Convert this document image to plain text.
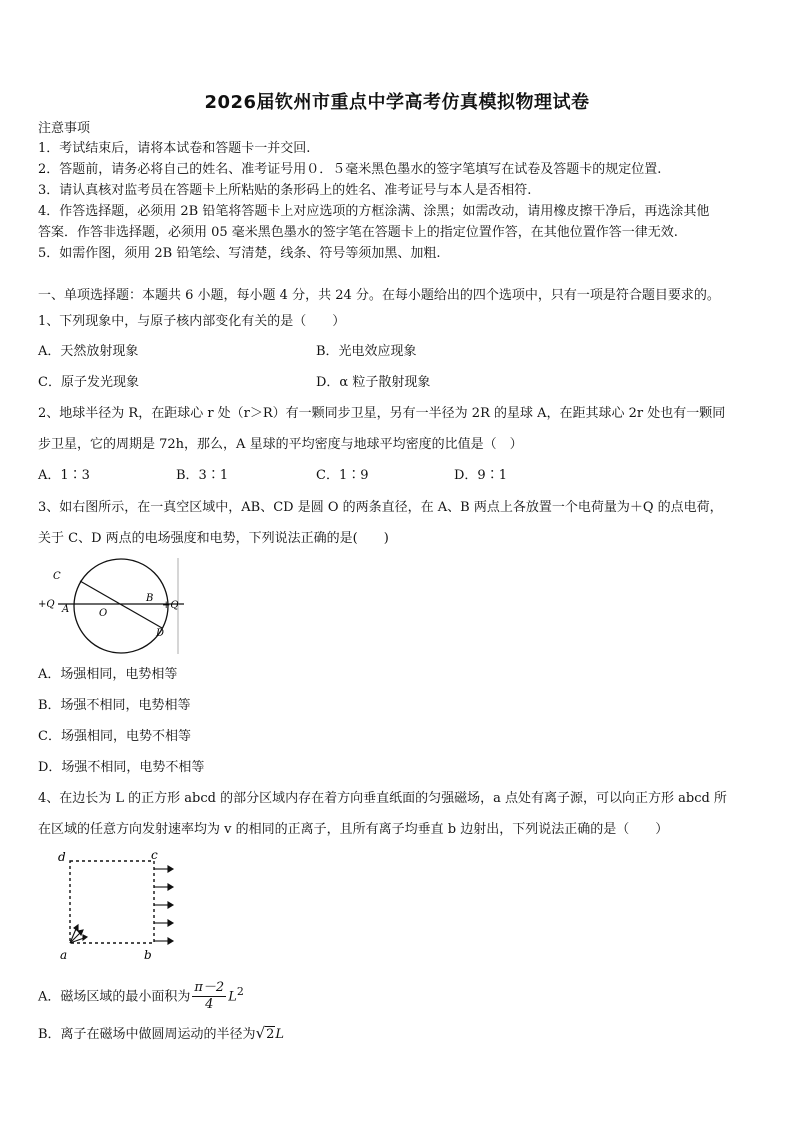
2026届钦州市重点中学高考仿真模拟物理试卷
注意事项
1．考试结束后，请将本试卷和答题卡一并交回.
2．答题前，请务必将自己的姓名、准考证号用０．５毫米黑色墨水的签字笔填写在试卷及答题卡的规定位置.
3．请认真核对监考员在答题卡上所粘贴的条形码上的姓名、准考证号与本人是否相符.
4．作答选择题，必须用 2B 铅笔将答题卡上对应选项的方框涂满、涂黑；如需改动，请用橡皮擦干净后，再选涂其他
答案．作答非选择题，必须用 05 毫米黑色墨水的签字笔在答题卡上的指定位置作答，在其他位置作答一律无效.
5．如需作图，须用 2B 铅笔绘、写清楚，线条、符号等须加黑、加粗.
一、单项选择题：本题共 6 小题，每小题 4 分，共 24 分。在每小题给出的四个选项中，只有一项是符合题目要求的。
1、下列现象中，与原子核内部变化有关的是（　　）
A．天然放射现象	B．光电效应现象
C．原子发光现象	D．α 粒子散射现象
2、地球半径为 R，在距球心 r 处（r＞R）有一颗同步卫星，另有一半径为 2R 的星球 A，在距其球心 2r 处也有一颗同
步卫星，它的周期是 72h，那么，A 星球的平均密度与地球平均密度的比值是（　）
A．1∶3	B．3∶1	C．1∶9	D．9∶1
3、如右图所示，在一真空区域中，AB、CD 是圆 O 的两条直径，在 A、B 两点上各放置一个电荷量为＋Q 的点电荷，
关于 C、D 两点的电场强度和电势，下列说法正确的是(　　)
C
A
+Q
O
B
+Q
D
A．场强相同，电势相等
B．场强不相同，电势相等
C．场强相同，电势不相等
D．场强不相同，电势不相等
4、在边长为 L 的正方形 abcd 的部分区域内存在着方向垂直纸面的匀强磁场，a 点处有离子源，可以向正方形 abcd 所
在区域的任意方向发射速率均为 v 的相同的正离子，且所有离子均垂直 b 边射出，下列说法正确的是（　　）
d	c
a	b
A．磁场区域的最小面积为 $\frac{\pi-2}{4} L^2$
B．离子在磁场中做圆周运动的半径为√2L
